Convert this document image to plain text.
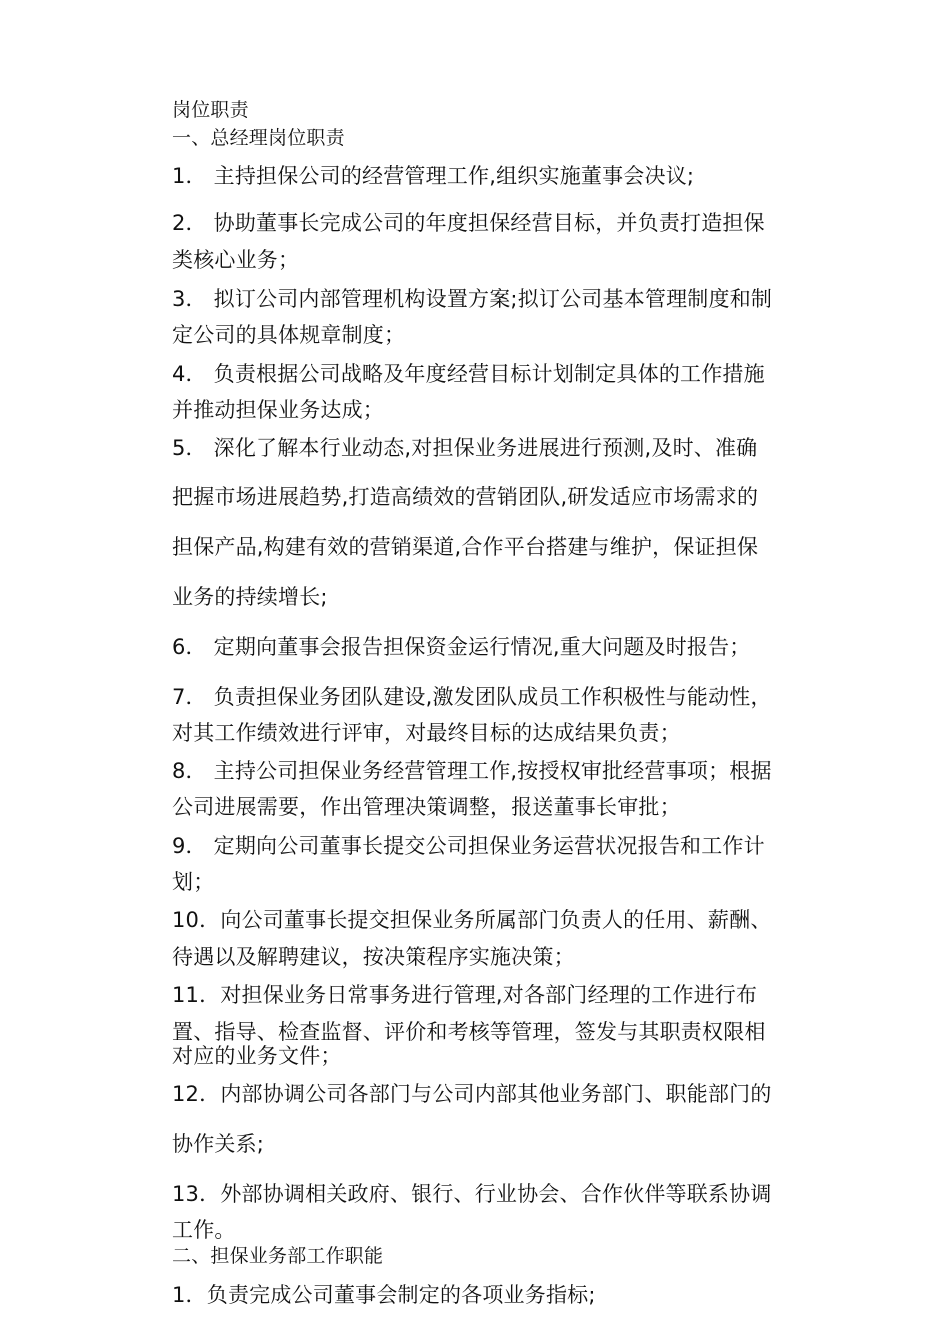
岗位职责
一、总经理岗位职责
1． 主持担保公司的经营管理工作,组织实施董事会决议;
2． 协助董事长完成公司的年度担保经营目标，并负责打造担保
类核心业务；
3． 拟订公司内部管理机构设置方案;拟订公司基本管理制度和制
定公司的具体规章制度；
4． 负责根据公司战略及年度经营目标计划制定具体的工作措施
并推动担保业务达成；
5． 深化了解本行业动态,对担保业务进展进行预测,及时、准确
把握市场进展趋势,打造高绩效的营销团队,研发适应市场需求的
担保产品,构建有效的营销渠道,合作平台搭建与维护，保证担保
业务的持续增长;
6． 定期向董事会报告担保资金运行情况,重大问题及时报告；
7． 负责担保业务团队建设,激发团队成员工作积极性与能动性，
对其工作绩效进行评审，对最终目标的达成结果负责；
8． 主持公司担保业务经营管理工作,按授权审批经营事项；根据
公司进展需要，作出管理决策调整，报送董事长审批；
9． 定期向公司董事长提交公司担保业务运营状况报告和工作计
划；
10．向公司董事长提交担保业务所属部门负责人的任用、薪酬、
待遇以及解聘建议，按决策程序实施决策；
11．对担保业务日常事务进行管理,对各部门经理的工作进行布
置、指导、检查监督、评价和考核等管理，签发与其职责权限相
对应的业务文件；
12．内部协调公司各部门与公司内部其他业务部门、职能部门的
协作关系;
13．外部协调相关政府、银行、行业协会、合作伙伴等联系协调
工作。
二、担保业务部工作职能
1．负责完成公司董事会制定的各项业务指标;
